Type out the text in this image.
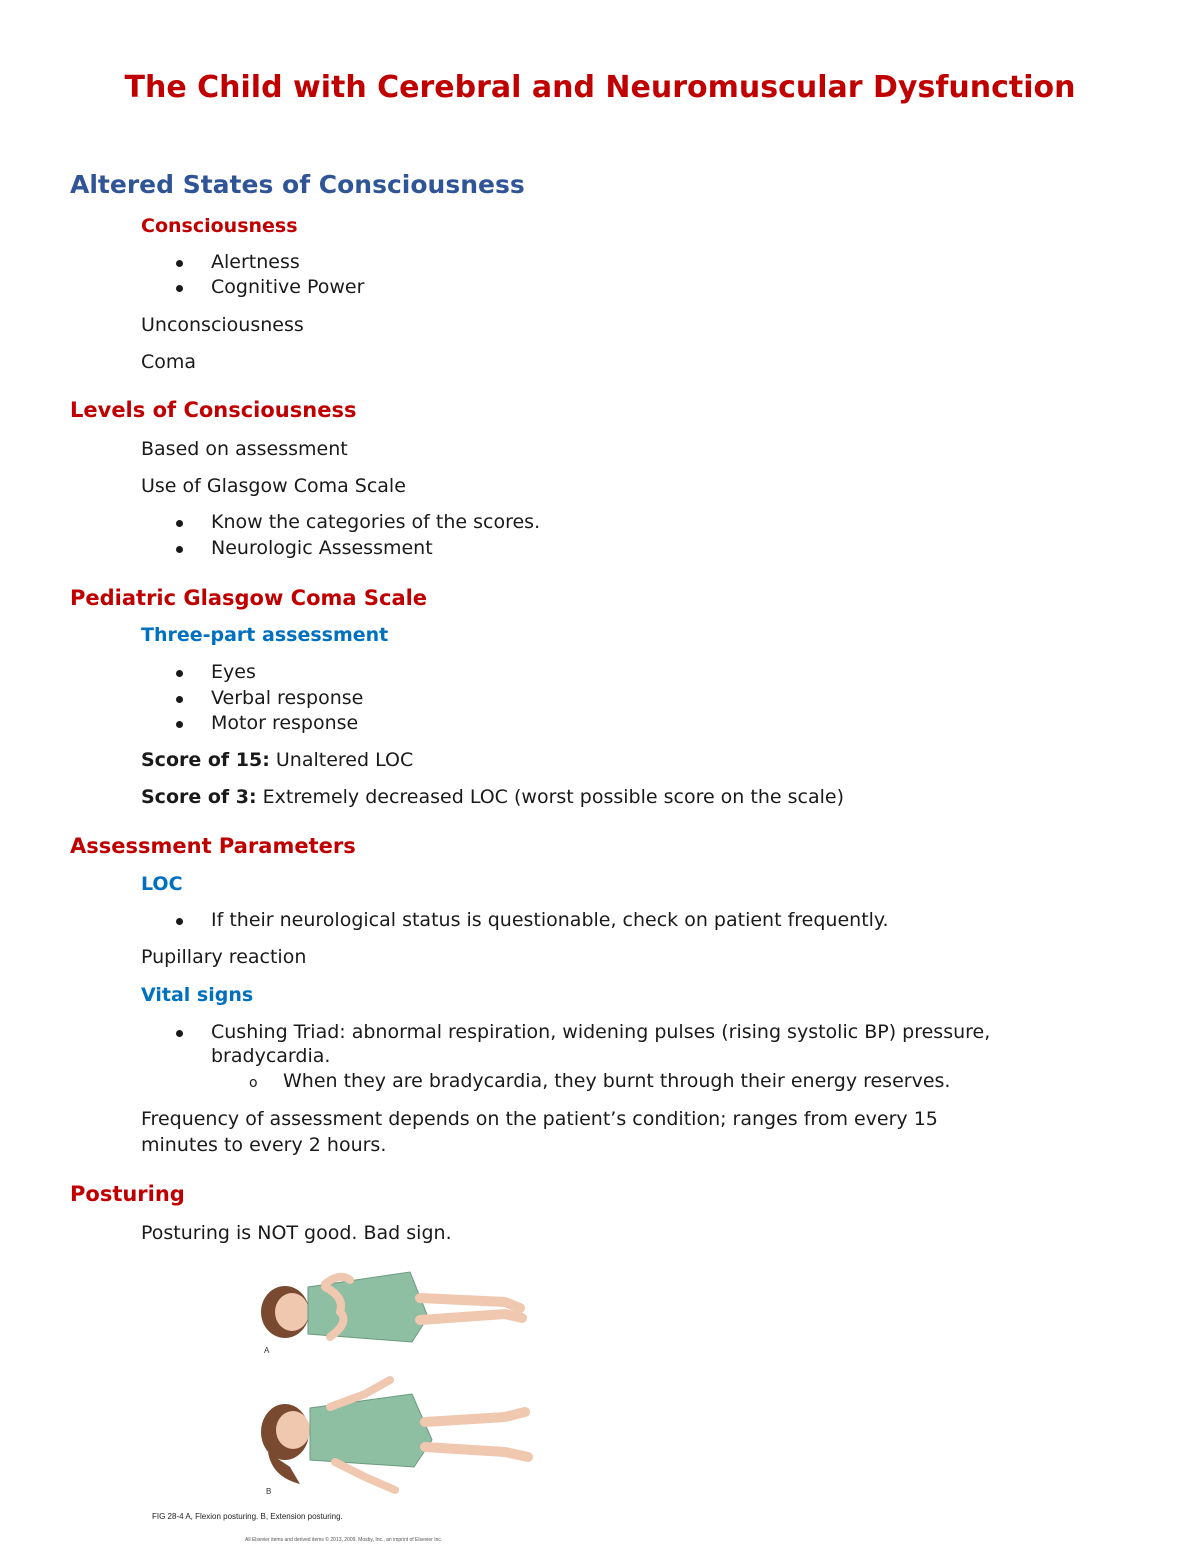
The Child with Cerebral and Neuromuscular Dysfunction
Altered States of Consciousness
Consciousness
Alertness
Cognitive Power
Unconsciousness
Coma
Levels of Consciousness
Based on assessment
Use of Glasgow Coma Scale
Know the categories of the scores.
Neurologic Assessment
Pediatric Glasgow Coma Scale
Three-part assessment
Eyes
Verbal response
Motor response
Score of 15: Unaltered LOC
Score of 3: Extremely decreased LOC (worst possible score on the scale)
Assessment Parameters
LOC
If their neurological status is questionable, check on patient frequently.
Pupillary reaction
Vital signs
Cushing Triad: abnormal respiration, widening pulses (rising systolic BP) pressure,
bradycardia.
o When they are bradycardia, they burnt through their energy reserves.
Frequency of assessment depends on the patient’s condition; ranges from every 15
minutes to every 2 hours.
Posturing
Posturing is NOT good. Bad sign.
A
B
FIG 28-4 A, Flexion posturing. B, Extension posturing.
All Elsevier items and derived items © 2013, 2009, Mosby, Inc., an imprint of Elsevier Inc.
